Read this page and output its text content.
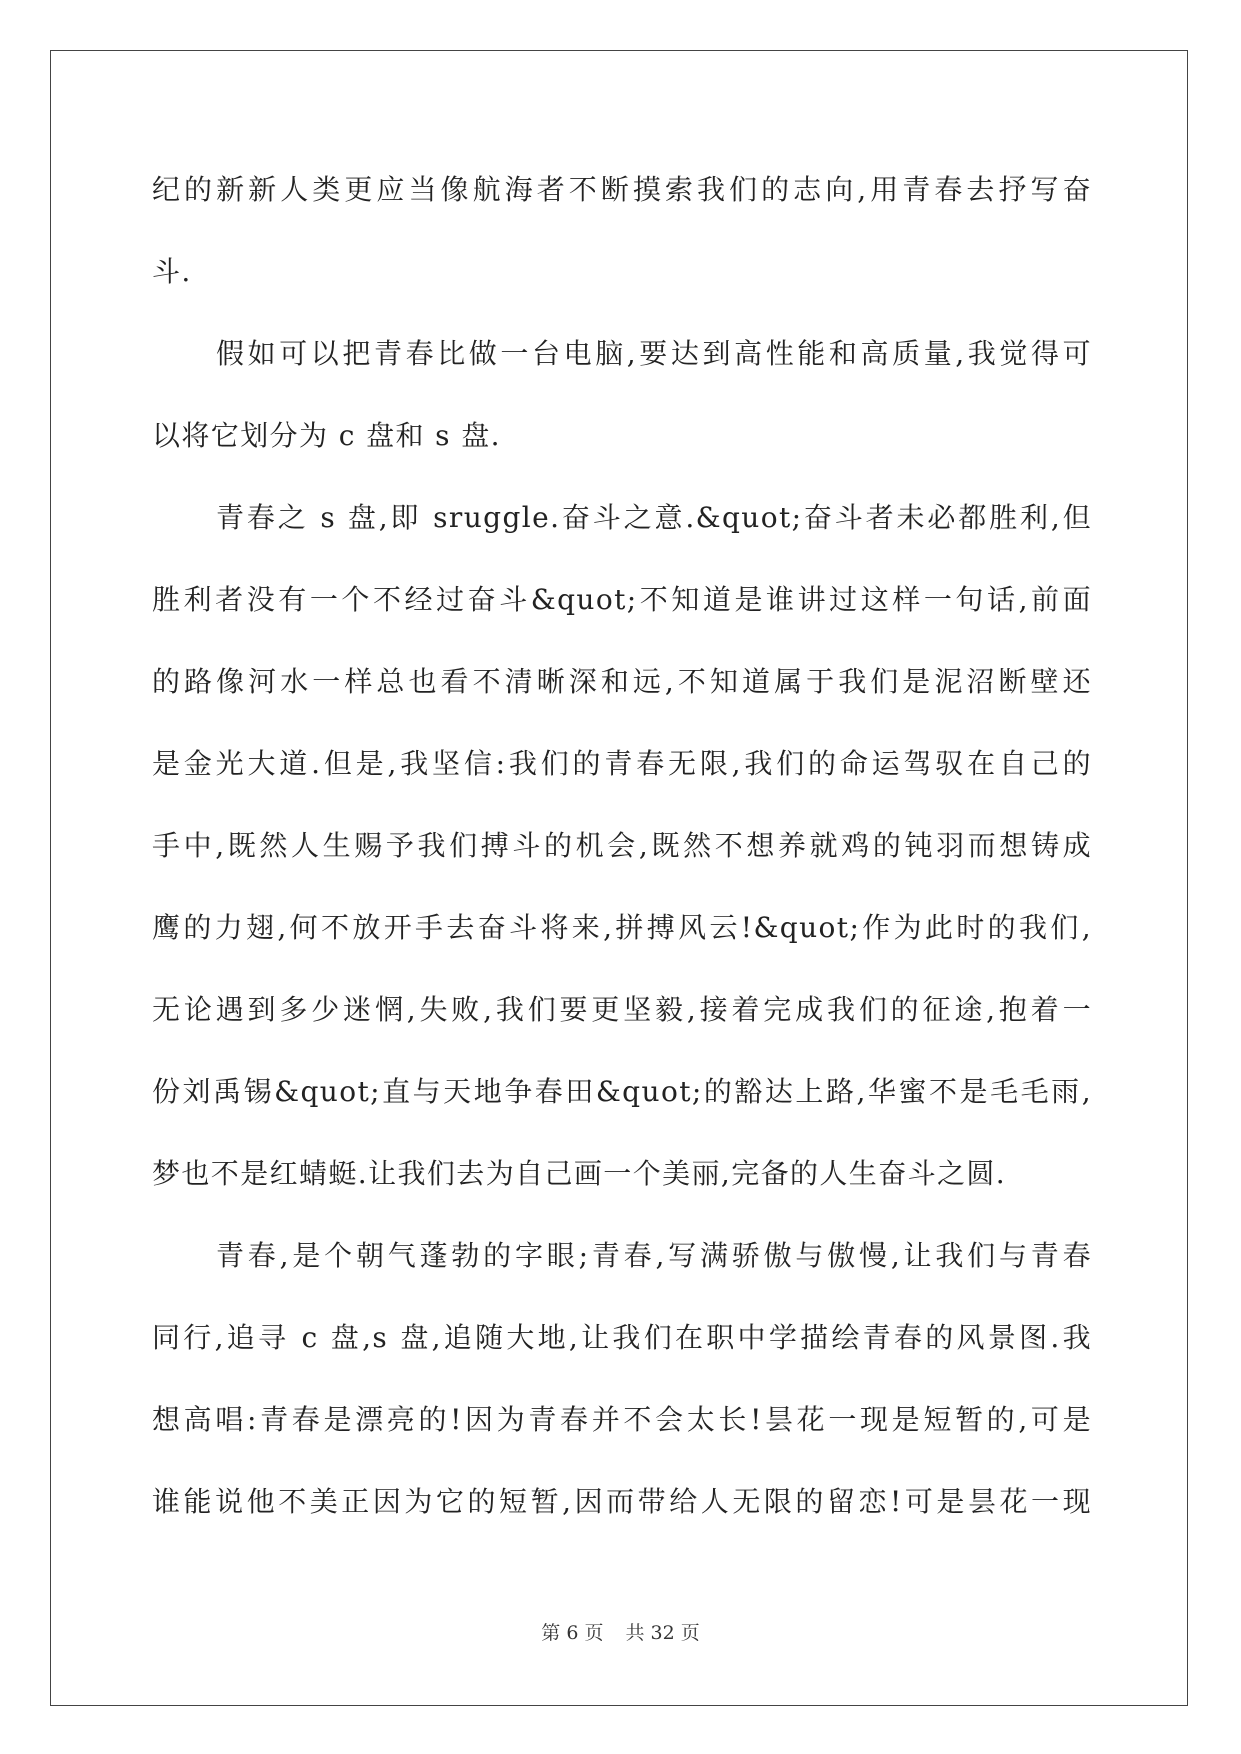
纪的新新人类更应当像航海者不断摸索我们的志向,用青春去抒写奋
斗.
假如可以把青春比做一台电脑,要达到高性能和高质量,我觉得可
以将它划分为 c 盘和 s 盘.
青春之 s 盘,即 sruggle.奋斗之意.&quot;奋斗者未必都胜利,但
胜利者没有一个不经过奋斗&quot;不知道是谁讲过这样一句话,前面
的路像河水一样总也看不清晰深和远,不知道属于我们是泥沼断壁还
是金光大道.但是,我坚信:我们的青春无限,我们的命运驾驭在自己的
手中,既然人生赐予我们搏斗的机会,既然不想养就鸡的钝羽而想铸成
鹰的力翅,何不放开手去奋斗将来,拼搏风云!&quot;作为此时的我们,
无论遇到多少迷惘,失败,我们要更坚毅,接着完成我们的征途,抱着一
份刘禹锡&quot;直与天地争春田&quot;的豁达上路,华蜜不是毛毛雨,
梦也不是红蜻蜓.让我们去为自己画一个美丽,完备的人生奋斗之圆.
青春,是个朝气蓬勃的字眼;青春,写满骄傲与傲慢,让我们与青春
同行,追寻 c 盘,s 盘,追随大地,让我们在职中学描绘青春的风景图.我
想高唱:青春是漂亮的!因为青春并不会太长!昙花一现是短暂的,可是
谁能说他不美正因为它的短暂,因而带给人无限的留恋!可是昙花一现
第 6 页 共 32 页
